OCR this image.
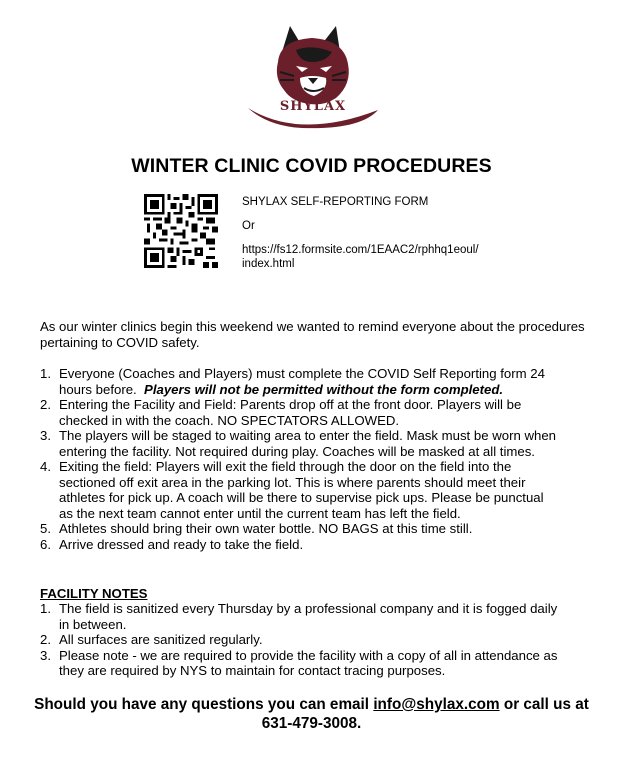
SHYLAX
WINTER CLINIC COVID PROCEDURES

SHYLAX SELF-REPORTING FORM

Or

https://fs12.formsite.com/1EAAC2/rphhq1eoul/
index.html

As our winter clinics begin this weekend we wanted to remind everyone about the procedures pertaining to COVID safety.

1. Everyone (Coaches and Players) must complete the COVID Self Reporting form 24 hours before. Players will not be permitted without the form completed.
2. Entering the Facility and Field: Parents drop off at the front door. Players will be checked in with the coach. NO SPECTATORS ALLOWED.
3. The players will be staged to waiting area to enter the field. Mask must be worn when entering the facility. Not required during play. Coaches will be masked at all times.
4. Exiting the field: Players will exit the field through the door on the field into the sectioned off exit area in the parking lot. This is where parents should meet their athletes for pick up. A coach will be there to supervise pick ups. Please be punctual as the next team cannot enter until the current team has left the field.
5. Athletes should bring their own water bottle. NO BAGS at this time still.
6. Arrive dressed and ready to take the field.
FACILITY NOTES
1. The field is sanitized every Thursday by a professional company and it is fogged daily in between.
2. All surfaces are sanitized regularly.
3. Please note - we are required to provide the facility with a copy of all in attendance as they are required by NYS to maintain for contact tracing purposes.
Should you have any questions you can email info@shylax.com or call us at 631-479-3008.
